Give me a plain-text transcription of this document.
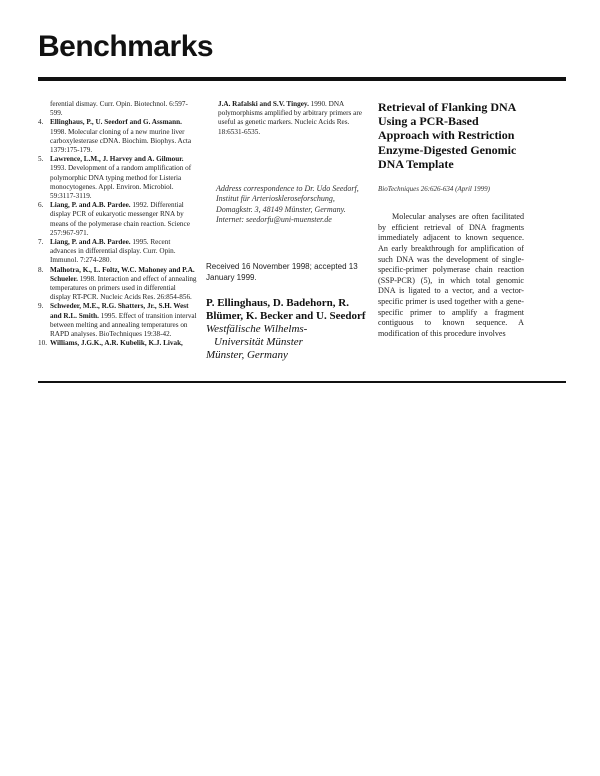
Benchmarks

ferential dismay. Curr. Opin. Biotechnol. 6:597-599.

4. Ellinghaus, P., U. Seedorf and G. Assmann. 1998. Molecular cloning of a new murine liver carboxylesterase cDNA. Biochim. Biophys. Acta 1379:175-179.

5. Lawrence, L.M., J. Harvey and A. Gilmour. 1993. Development of a random amplification of polymorphic DNA typing method for Listeria monocytogenes. Appl. Environ. Microbiol. 59:3117-3119.

6. Liang, P. and A.B. Pardee. 1992. Differential display PCR of eukaryotic messenger RNA by means of the polymerase chain reaction. Science 257:967-971.

7. Liang, P. and A.B. Pardee. 1995. Recent advances in differential display. Curr. Opin. Immunol. 7:274-280.

8. Malhotra, K., L. Foltz, W.C. Mahoney and P.A. Schueler. 1998. Interaction and effect of annealing temperatures on primers used in differential display RT-PCR. Nucleic Acids Res. 26:854-856.

9. Schweder, M.E., R.G. Shatters, Jr., S.H. West and R.L. Smith. 1995. Effect of transition interval between melting and annealing temperatures on RAPD analyses. BioTechniques 19:38-42.

10. Williams, J.G.K., A.R. Kubelik, K.J. Livak,

J.A. Rafalski and S.V. Tingey. 1990. DNA polymorphisms amplified by arbitrary primers are useful as genetic markers. Nucleic Acids Res. 18:6531-6535.

Address correspondence to Dr. Udo Seedorf, Institut für Arterioskleroseforschung, Domagkstr. 3, 48149 Münster, Germany. Internet: seedorfu@uni-muenster.de
Received 16 November 1998; accepted 13 January 1999.
P. Ellinghaus, D. Badehorn, R. Blümer, K. Becker and U. Seedorf
Westfälische Wilhelms-
Universität Münster
Münster, Germany

Retrieval of Flanking DNA Using a PCR-Based Approach with Restriction Enzyme-Digested Genomic DNA Template

BioTechniques 26:626-634 (April 1999)
Molecular analyses are often facilitated by efficient retrieval of DNA fragments immediately adjacent to known sequence. An early breakthrough for amplification of such DNA was the development of single-specific-primer polymerase chain reaction (SSP-PCR) (5), in which total genomic DNA is ligated to a vector, and a vector-specific primer is used together with a gene-specific primer to amplify a fragment contiguous to known sequence. A modification of this procedure involves
